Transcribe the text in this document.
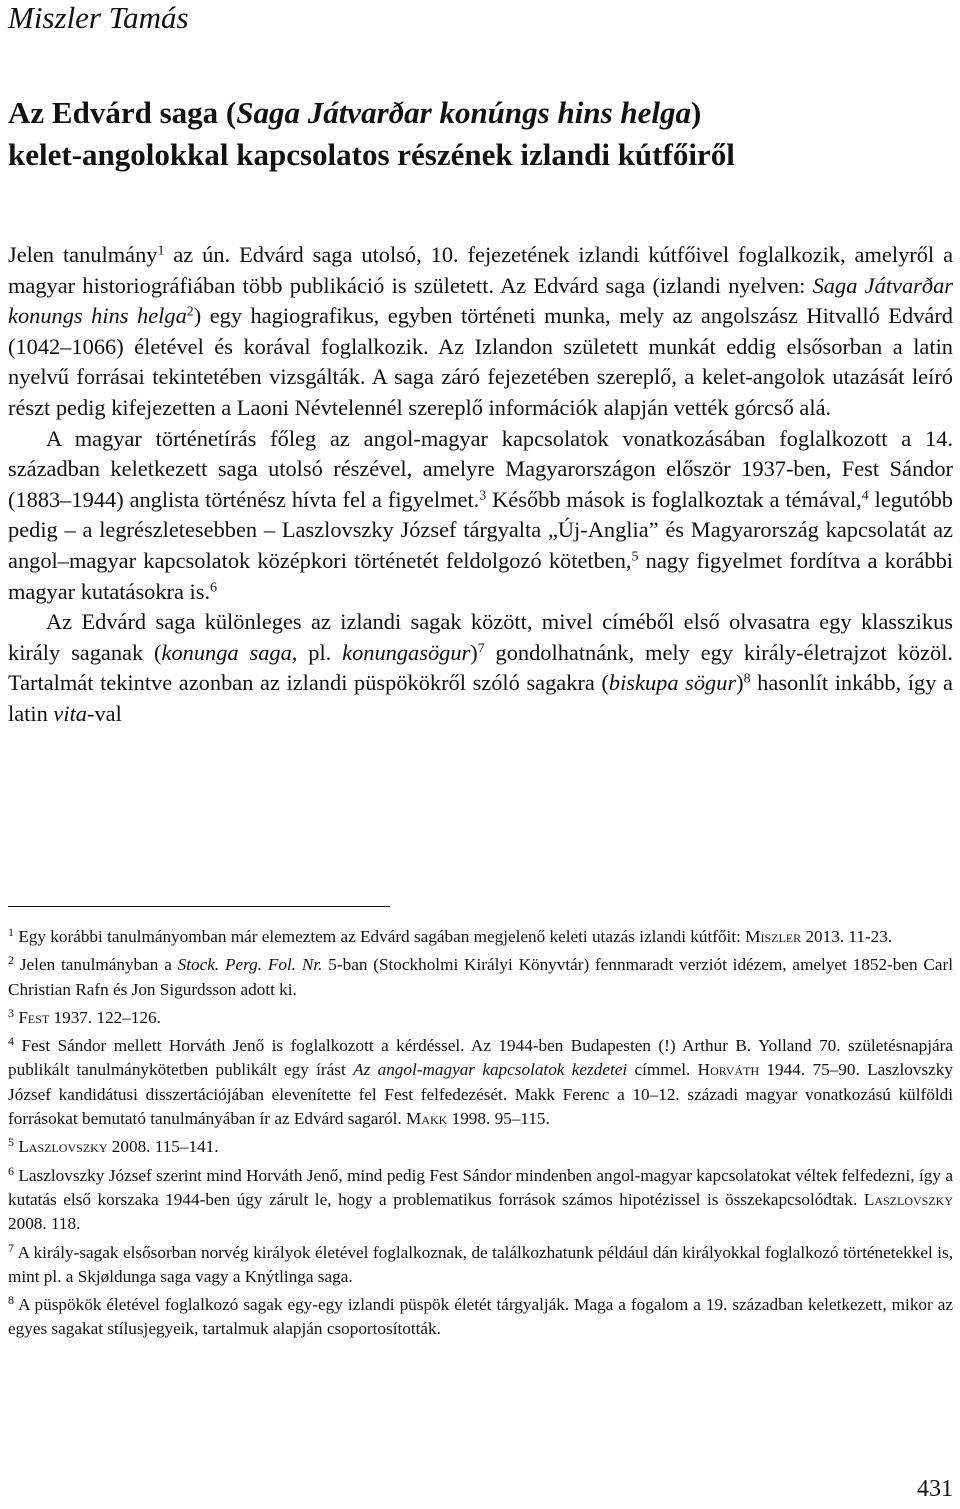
Miszler Tamás
Az Edvárd saga (Saga Játvarðar konúngs hins helga)
kelet-angolokkal kapcsolatos részének izlandi kútfőiről

Jelen tanulmány$^1$ az ún. Edvárd saga utolsó, 10. fejezetének izlandi kútfőivel foglalkozik, amelyről a magyar historiográfiában több publikáció is született. Az Edvárd saga (izlandi nyelven: Saga Játvarðar konungs hins helga$^2$) egy hagiografikus, egyben történeti munka, mely az angolszász Hitvalló Edvárd (1042–1066) életével és korával foglalkozik. Az Izlandon született munkát eddig elsősorban a latin nyelvű forrásai tekintetében vizsgálták. A saga záró fejezetében szereplő, a kelet-angolok utazását leíró részt pedig kifejezetten a Laoni Névtelennél szereplő információk alapján vették górcső alá.

A magyar történetírás főleg az angol-magyar kapcsolatok vonatkozásában foglalkozott a 14. században keletkezett saga utolsó részével, amelyre Magyarországon először 1937-ben, Fest Sándor (1883–1944) anglista történész hívta fel a figyelmet.$^3$ Később mások is foglalkoztak a témával,$^4$ legutóbb pedig – a legrészletesebben – Laszlovszky József tárgyalta „Új-Anglia” és Magyarország kapcsolatát az angol–magyar kapcsolatok középkori történetét feldolgozó kötetben,$^5$ nagy figyelmet fordítva a korábbi magyar kutatásokra is.$^6$

Az Edvárd saga különleges az izlandi sagak között, mivel címéből első olvasatra egy klasszikus király saganak (konunga saga, pl. konungasögur)$^7$ gondolhatnánk, mely egy király-életrajzot közöl. Tartalmát tekintve azonban az izlandi püspökökről szóló sagakra (biskupa sögur)$^8$ hasonlít inkább, így a latin vita-val

$^1$ Egy korábbi tanulmányomban már elemeztem az Edvárd sagában megjelenő keleti utazás izlandi kútfőit: Miszler 2013. 11-23.

$^2$ Jelen tanulmányban a Stock. Perg. Fol. Nr. 5-ban (Stockholmi Királyi Könyvtár) fennmaradt verziót idézem, amelyet 1852-ben Carl Christian Rafn és Jon Sigurdsson adott ki.

$^3$ Fest 1937. 122–126.

$^4$ Fest Sándor mellett Horváth Jenő is foglalkozott a kérdéssel. Az 1944-ben Budapesten (!) Arthur B. Yolland 70. születésnapjára publikált tanulmánykötetben publikált egy írást Az angol-magyar kapcsolatok kezdetei címmel. Horváth 1944. 75–90. Laszlovszky József kandidátusi disszertációjában elevenítette fel Fest felfedezését. Makk Ferenc a 10–12. századi magyar vonatkozású külföldi forrásokat bemutató tanulmányában ír az Edvárd sagaról. Makk 1998. 95–115.

$^5$ Laszlovszky 2008. 115–141.

$^6$ Laszlovszky József szerint mind Horváth Jenő, mind pedig Fest Sándor mindenben angol-magyar kapcsolatokat véltek felfedezni, így a kutatás első korszaka 1944-ben úgy zárult le, hogy a problematikus források számos hipotézissel is összekapcsolódtak. Laszlovszky 2008. 118.

$^7$ A király-sagak elsősorban norvég királyok életével foglalkoznak, de találkozhatunk például dán királyokkal foglalkozó történetekkel is, mint pl. a Skjøldunga saga vagy a Knýtlinga saga.

$^8$ A püspökök életével foglalkozó sagak egy-egy izlandi püspök életét tárgyalják. Maga a fogalom a 19. században keletkezett, mikor az egyes sagakat stílusjegyeik, tartalmuk alapján csoportosították.

431
